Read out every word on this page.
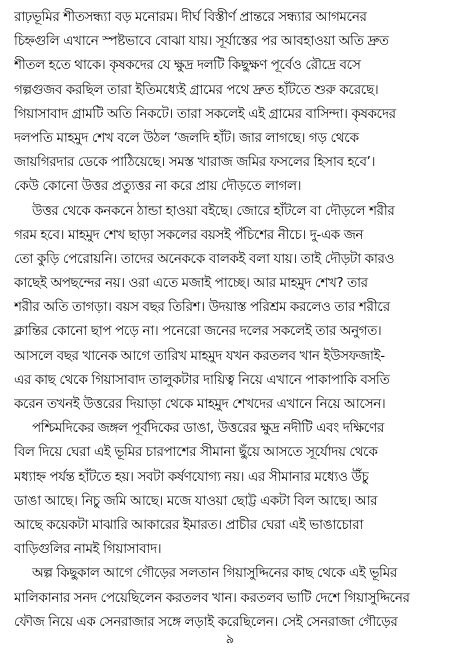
রাঢ়ভূমির শীতসন্ধ্যা বড় মনোরম। দীর্ঘ বিস্তীর্ণ প্রান্তরে সন্ধ্যার আগমনের
চিহ্নগুলি এখানে স্পষ্টভাবে বোঝা যায়। সূর্যাস্তের পর আবহাওয়া অতি দ্রুত
শীতল হতে থাকে। কৃষকদের যে ক্ষুদ্র দলটি কিছুক্ষণ পূর্বেও রৌদ্রে বসে
গল্পগুজব করছিল তারা ইতিমধ্যেই গ্রামের পথে দ্রুত হাঁটতে শুরু করেছে।
গিয়াসাবাদ গ্রামটি অতি নিকটে। তারা সকলেই এই গ্রামের বাসিন্দা। কৃষকদের
দলপতি মাহমুদ শেখ বলে উঠল ‘জলদি হাঁট। জার লাগছে। গড় থেকে
জায়গিরদার ডেকে পাঠিয়েছে। সমস্ত খারাজ জমির ফসলের হিসাব হবে’।
কেউ কোনো উত্তর প্রত্যুত্তর না করে প্রায় দৌড়তে লাগল।
উত্তর থেকে কনকনে ঠান্ডা হাওয়া বইছে। জোরে হাঁটলে বা দৌড়লে শরীর
গরম হবে। মাহমুদ শেখ ছাড়া সকলের বয়সই পঁচিশের নীচে। দু-এক জন
তো কুড়ি পেরোয়নি। তাদের অনেককে বালকই বলা যায়। তাই দৌড়টা কারও
কাছেই অপছন্দের নয়। ওরা এতে মজাই পাচ্ছে। আর মাহমুদ শেখ? তার
শরীর অতি তাগড়া। বয়স বছর তিরিশ। উদয়াস্ত পরিশ্রম করলেও তার শরীরে
ক্লান্তির কোনো ছাপ পড়ে না। পনেরো জনের দলের সকলেই তার অনুগত।
আসলে বছর খানেক আগে তারিখ মাহমুদ যখন করতলব খান ইউসফজাই-
এর কাছ থেকে গিয়াসাবাদ তালুকটার দায়িত্ব নিয়ে এখানে পাকাপাকি বসতি
করেন তখনই উত্তরের দিয়াড়া থেকে মাহমুদ শেখদের এখানে নিয়ে আসেন।
পশ্চিমদিকের জঙ্গল পূর্বদিকের ডাঙা, উত্তরের ক্ষুদ্র নদীটি এবং দক্ষিণের
বিল দিয়ে ঘেরা এই ভূমির চারপাশের সীমানা ছুঁয়ে আসতে সূর্যোদয় থেকে
মধ্যাহ্ন পর্যন্ত হাঁটতে হয়। সবটা কর্ষণযোগ্য নয়। এর সীমানার মধ্যেও উঁচু
ডাঙা আছে। নিচু জমি আছে। মজে যাওয়া ছোট্ট একটা বিল আছে। আর
আছে কয়েকটা মাঝারি আকারের ইমারত। প্রাচীর ঘেরা এই ভাঙাচোরা
বাড়িগুলির নামই গিয়াসাবাদ।
অল্প কিছুকাল আগে গৌড়ের সলতান গিয়াসুদ্দিনের কাছ থেকে এই ভূমির
মালিকানার সনদ পেয়েছিলেন করতলব খান। করতলব ভাটি দেশে গিয়াসুদ্দিনের
ফৌজ নিয়ে এক সেনরাজার সঙ্গে লড়াই করেছিলেন। সেই সেনরাজা গৌড়ের
৯
